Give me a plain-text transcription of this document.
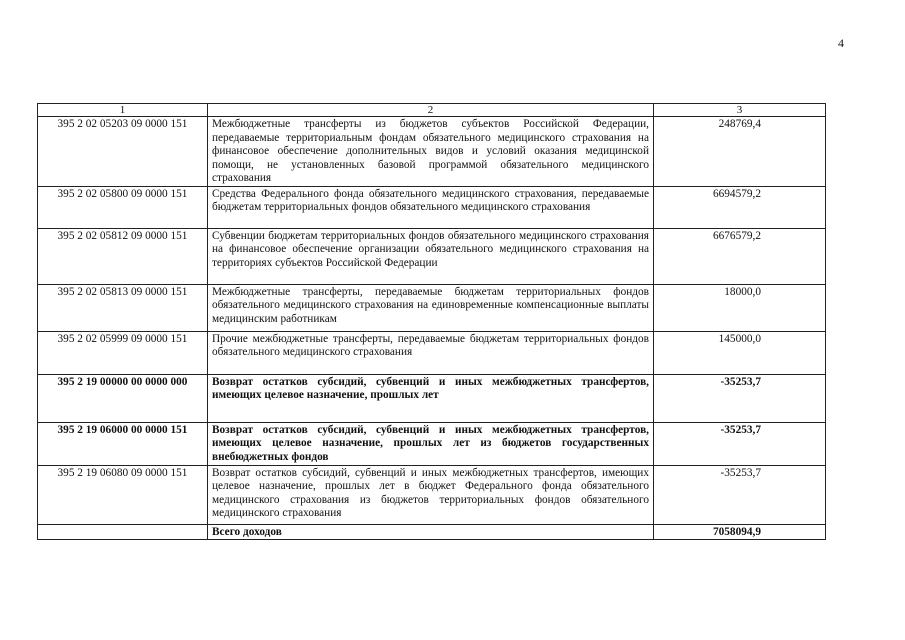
4
1	2	3
395 2 02 05203 09 0000 151	Межбюджетные трансферты из бюджетов субъектов Российской Федерации, передаваемые территориальным фондам обязательного медицинского страхования на финансовое обеспечение дополнительных видов и условий оказания медицинской помощи, не установленных базовой программой обязательного медицинского страхования	248769,4
395 2 02 05800 09 0000 151	Средства Федерального фонда обязательного медицинского страхования, передаваемые бюджетам территориальных фондов обязательного медицинского страхования	6694579,2
395 2 02 05812 09 0000 151	Субвенции бюджетам территориальных фондов обязательного медицинского страхования на финансовое обеспечение организации обязательного медицинского страхования на территориях субъектов Российской Федерации	6676579,2
395 2 02 05813 09 0000 151	Межбюджетные трансферты, передаваемые бюджетам территориальных фондов обязательного медицинского страхования на единовременные компенсационные выплаты медицинским работникам	18000,0
395 2 02 05999 09 0000 151	Прочие межбюджетные трансферты, передаваемые бюджетам территориальных фондов обязательного медицинского страхования	145000,0
395 2 19 00000 00 0000 000	Возврат остатков субсидий, субвенций и иных межбюджетных трансфертов, имеющих целевое назначение, прошлых лет	-35253,7
395 2 19 06000 00 0000 151	Возврат остатков субсидий, субвенций и иных межбюджетных трансфертов, имеющих целевое назначение, прошлых лет из бюджетов государственных внебюджетных фондов	-35253,7
395 2 19 06080 09 0000 151	Возврат остатков субсидий, субвенций и иных межбюджетных трансфертов, имеющих целевое назначение, прошлых лет в бюджет Федерального фонда обязательного медицинского страхования из бюджетов территориальных фондов обязательного медицинского страхования	-35253,7
	Всего доходов	7058094,9
